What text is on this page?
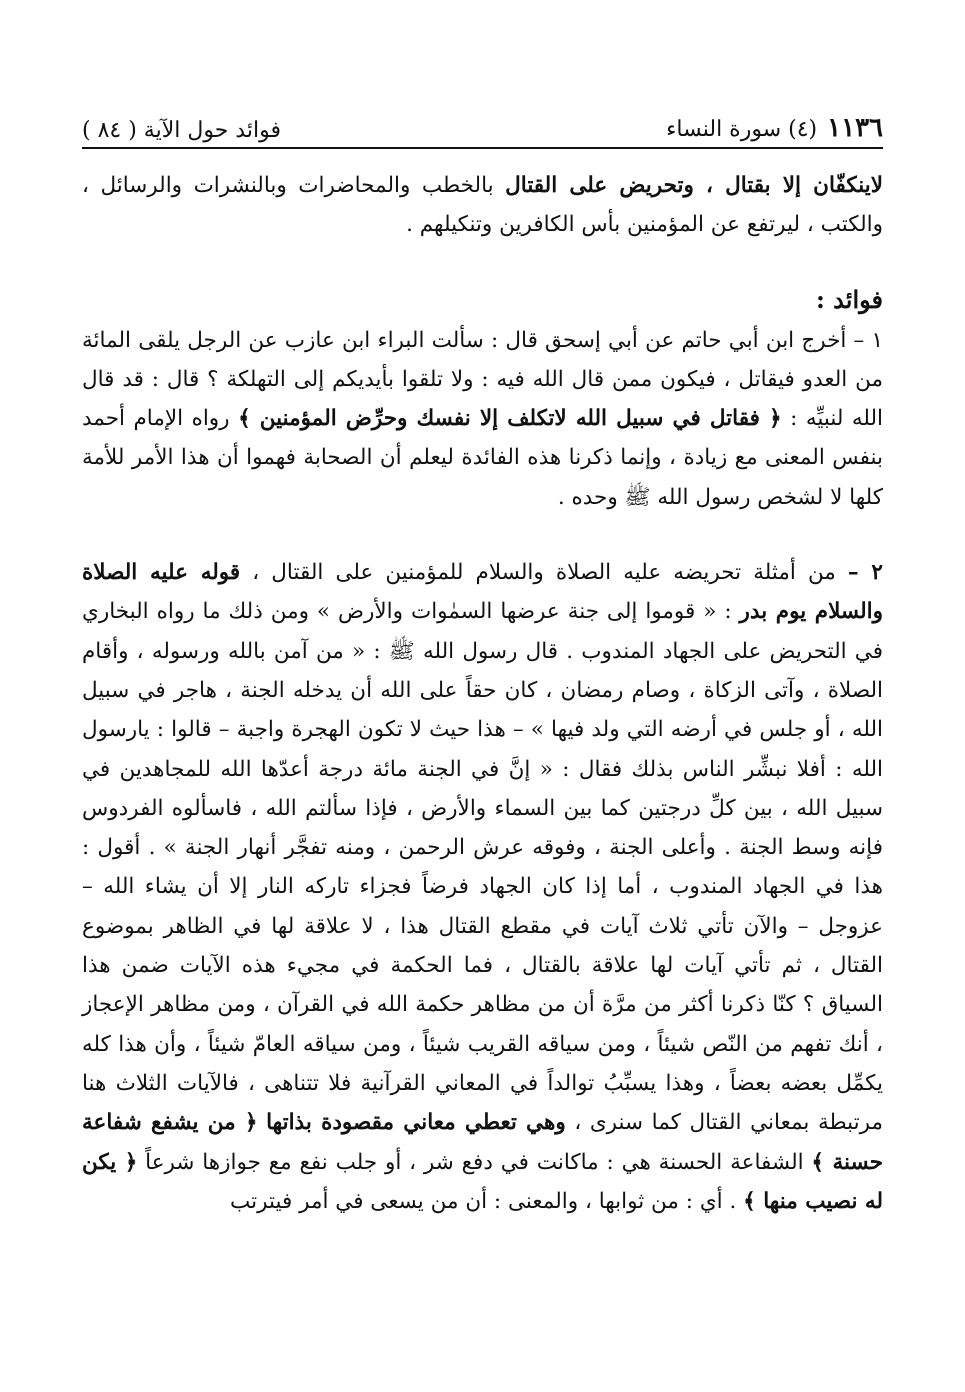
١١٣٦
(٤) سورة النساء
فوائد حول الآية ( ٨٤ )

لاينكفّان إلا بقتال ، وتحريض على القتال بالخطب والمحاضرات وبالنشرات والرسائل ، والكتب ، ليرتفع عن المؤمنين بأس الكافرين وتنكيلهم .

فوائد :

١ – أخرج ابن أبي حاتم عن أبي إسحق قال : سألت البراء ابن عازب عن الرجل يلقى المائة من العدو فيقاتل ، فيكون ممن قال الله فيه : ولا تلقوا بأيديكم إلى التهلكة ؟ قال : قد قال الله لنبيِّه : ﴿ فقاتل في سبيل الله لاتكلف إلا نفسك وحرِّض المؤمنين ﴾ رواه الإمام أحمد بنفس المعنى مع زيادة ، وإنما ذكرنا هذه الفائدة ليعلم أن الصحابة فهموا أن هذا الأمر للأمة كلها لا لشخص رسول الله ﷺ وحده .

٢ – من أمثلة تحريضه عليه الصلاة والسلام للمؤمنين على القتال ، قوله عليه الصلاة والسلام يوم بدر : « قوموا إلى جنة عرضها السمٰوات والأرض » ومن ذلك ما رواه البخاري في التحريض على الجهاد المندوب . قال رسول الله ﷺ : « من آمن بالله ورسوله ، وأقام الصلاة ، وآتى الزكاة ، وصام رمضان ، كان حقاً على الله أن يدخله الجنة ، هاجر في سبيل الله ، أو جلس في أرضه التي ولد فيها » – هذا حيث لا تكون الهجرة واجبة – قالوا : يارسول الله : أفلا نبشِّر الناس بذلك فقال : « إنَّ في الجنة مائة درجة أعدّها الله للمجاهدين في سبيل الله ، بين كلِّ درجتين كما بين السماء والأرض ، فإذا سألتم الله ، فاسألوه الفردوس فإنه وسط الجنة . وأعلى الجنة ، وفوقه عرش الرحمن ، ومنه تفجَّر أنهار الجنة » . أقول : هذا في الجهاد المندوب ، أما إذا كان الجهاد فرضاً فجزاء تاركه النار إلا أن يشاء الله – عزوجل – والآن تأتي ثلاث آيات في مقطع القتال هذا ، لا علاقة لها في الظاهر بموضوع القتال ، ثم تأتي آيات لها علاقة بالقتال ، فما الحكمة في مجيء هذه الآيات ضمن هذا السياق ؟ كنّا ذكرنا أكثر من مرَّة أن من مظاهر حكمة الله في القرآن ، ومن مظاهر الإعجاز ، أنك تفهم من النّص شيئاً ، ومن سياقه القريب شيئاً ، ومن سياقه العامّ شيئاً ، وأن هذا كله يكمِّل بعضه بعضاً ، وهذا يسبِّبُ توالداً في المعاني القرآنية فلا تتناهى ، فالآيات الثلاث هنا مرتبطة بمعاني القتال كما سنرى ، وهي تعطي معاني مقصودة بذاتها ﴿ من يشفع شفاعة حسنة ﴾ الشفاعة الحسنة هي : ماكانت في دفع شر ، أو جلب نفع مع جوازها شرعاً ﴿ يكن له نصيب منها ﴾ . أي : من ثوابها ، والمعنى : أن من يسعى في أمر فيترتب
